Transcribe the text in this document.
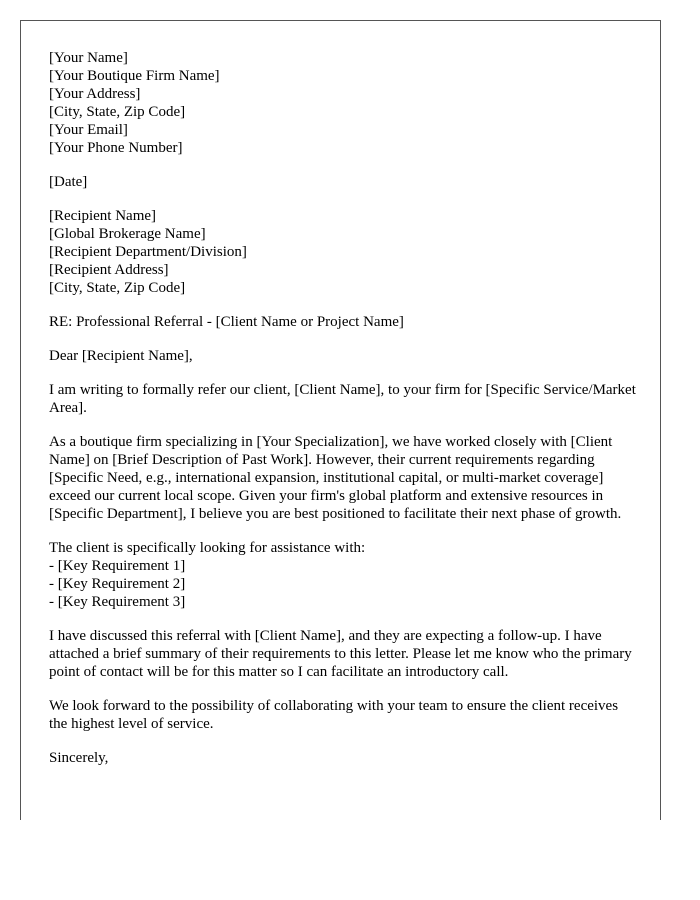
[Your Name]
[Your Boutique Firm Name]
[Your Address]
[City, State, Zip Code]
[Your Email]
[Your Phone Number]
[Date]
[Recipient Name]
[Global Brokerage Name]
[Recipient Department/Division]
[Recipient Address]
[City, State, Zip Code]

RE: Professional Referral - [Client Name or Project Name]

Dear [Recipient Name],

I am writing to formally refer our client, [Client Name], to your firm for [Specific Service/Market Area].

As a boutique firm specializing in [Your Specialization], we have worked closely with [Client Name] on [Brief Description of Past Work]. However, their current requirements regarding [Specific Need, e.g., international expansion, institutional capital, or multi-market coverage] exceed our current local scope. Given your firm's global platform and extensive resources in [Specific Department], I believe you are best positioned to facilitate their next phase of growth.

The client is specifically looking for assistance with:
- [Key Requirement 1]
- [Key Requirement 2]
- [Key Requirement 3]

I have discussed this referral with [Client Name], and they are expecting a follow-up. I have attached a brief summary of their requirements to this letter. Please let me know who the primary point of contact will be for this matter so I can facilitate an introductory call.

We look forward to the possibility of collaborating with your team to ensure the client receives the highest level of service.

Sincerely,
